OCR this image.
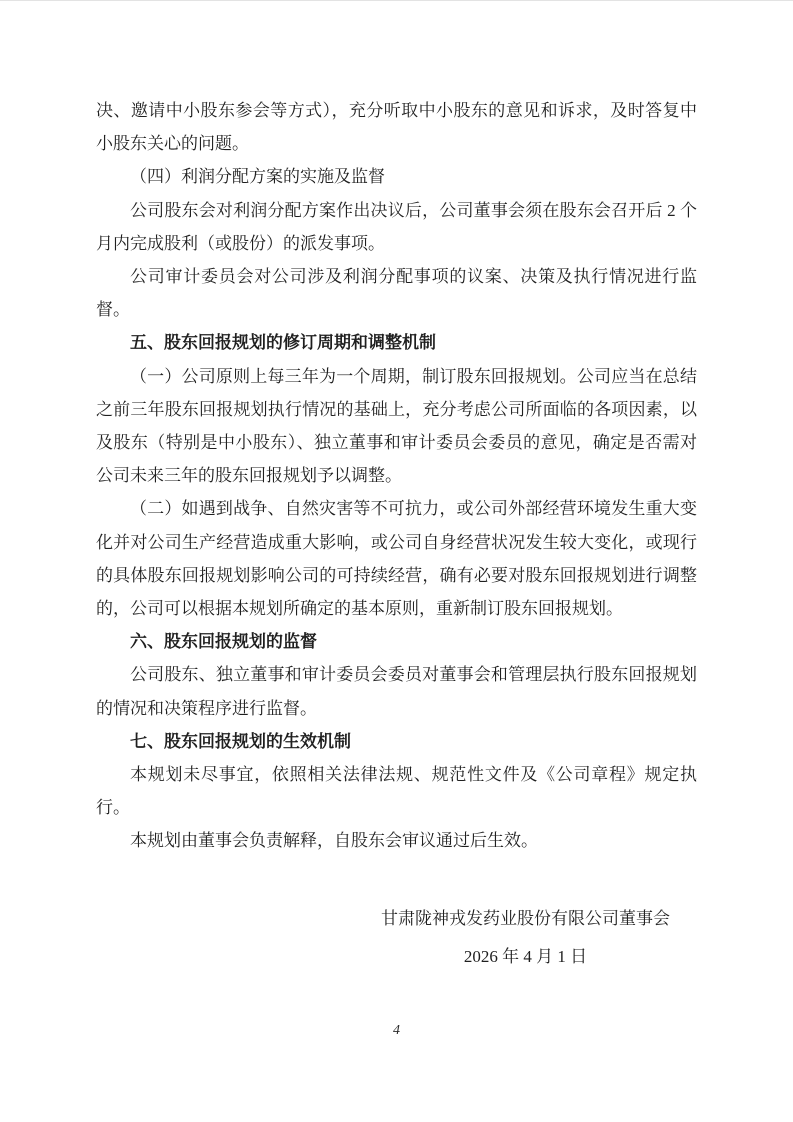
决、邀请中小股东参会等方式），充分听取中小股东的意见和诉求，及时答复中小股东关心的问题。

（四）利润分配方案的实施及监督

公司股东会对利润分配方案作出决议后，公司董事会须在股东会召开后 2 个月内完成股利（或股份）的派发事项。

公司审计委员会对公司涉及利润分配事项的议案、决策及执行情况进行监督。

五、股东回报规划的修订周期和调整机制

（一）公司原则上每三年为一个周期，制订股东回报规划。公司应当在总结之前三年股东回报规划执行情况的基础上，充分考虑公司所面临的各项因素，以及股东（特别是中小股东）、独立董事和审计委员会委员的意见，确定是否需对公司未来三年的股东回报规划予以调整。

（二）如遇到战争、自然灾害等不可抗力，或公司外部经营环境发生重大变化并对公司生产经营造成重大影响，或公司自身经营状况发生较大变化，或现行的具体股东回报规划影响公司的可持续经营，确有必要对股东回报规划进行调整的，公司可以根据本规划所确定的基本原则，重新制订股东回报规划。

六、股东回报规划的监督

公司股东、独立董事和审计委员会委员对董事会和管理层执行股东回报规划的情况和决策程序进行监督。

七、股东回报规划的生效机制

本规划未尽事宜，依照相关法律法规、规范性文件及《公司章程》规定执行。

本规划由董事会负责解释，自股东会审议通过后生效。

甘肃陇神戎发药业股份有限公司董事会
2026 年 4 月 1 日
4
